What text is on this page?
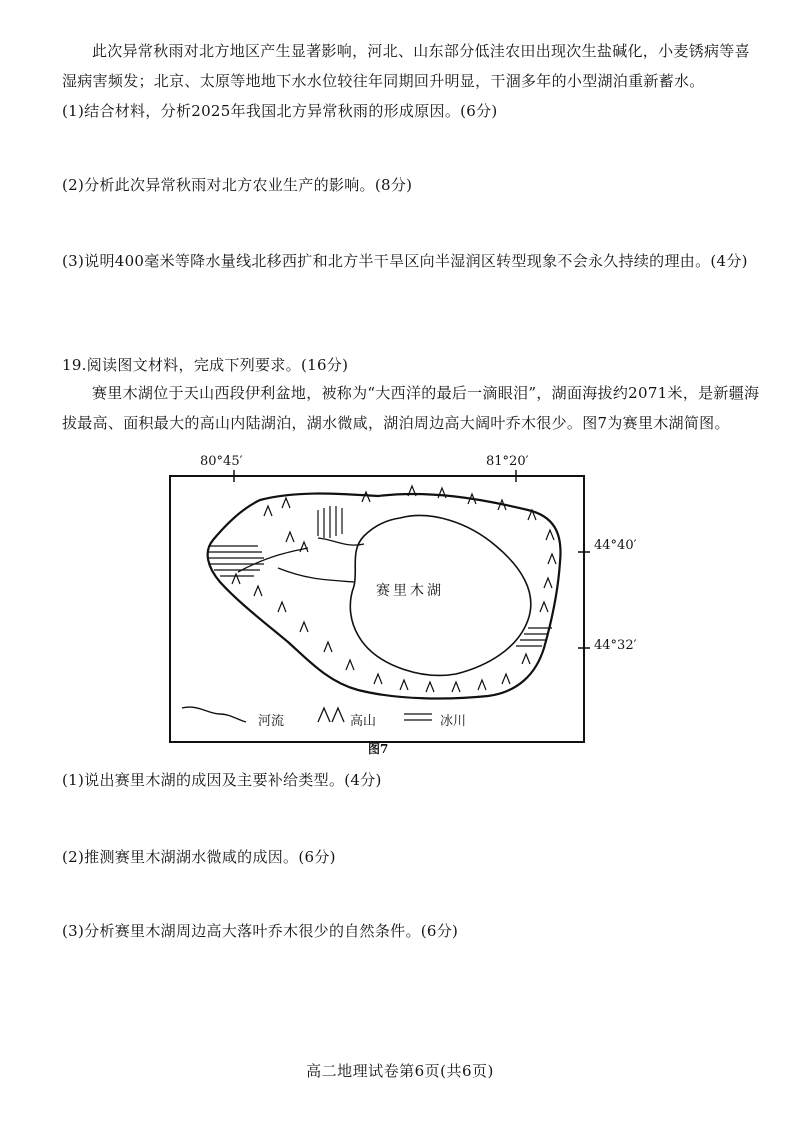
此次异常秋雨对北方地区产生显著影响，河北、山东部分低洼农田出现次生盐碱化，小麦锈病等喜湿病害频发；北京、太原等地地下水水位较往年同期回升明显，干涸多年的小型湖泊重新蓄水。
(1)结合材料，分析2025年我国北方异常秋雨的形成原因。(6分)
(2)分析此次异常秋雨对北方农业生产的影响。(8分)
(3)说明400毫米等降水量线北移西扩和北方半干旱区向半湿润区转型现象不会永久持续的理由。(4分)
19.阅读图文材料，完成下列要求。(16分)
赛里木湖位于天山西段伊利盆地，被称为“大西洋的最后一滴眼泪”，湖面海拔约2071米，是新疆海拔最高、面积最大的高山内陆湖泊，湖水微咸，湖泊周边高大阔叶乔木很少。图7为赛里木湖简图。
80°45′	81°20′
44°40′
44°32′
赛里木湖
河流	高山	冰川
图7
(1)说出赛里木湖的成因及主要补给类型。(4分)
(2)推测赛里木湖湖水微咸的成因。(6分)
(3)分析赛里木湖周边高大落叶乔木很少的自然条件。(6分)
高二地理试卷第6页(共6页)
